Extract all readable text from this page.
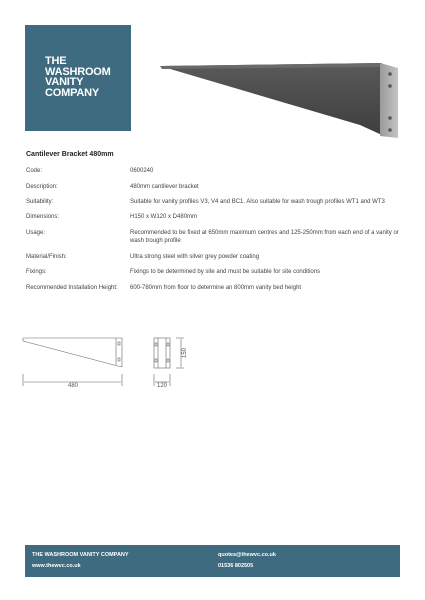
THE
WASHROOM
VANITY
COMPANY
Cantilever Bracket 480mm
Code:	0600240
Description:	480mm cantilever bracket
Suitability:	Suitable for vanity profiles V3, V4 and BC1. Also suitable for wash trough profiles WT1 and WT3
Dimensions:	H150 x W120 x D480mm
Usage:	Recommended to be fixed at 650mm maximum centres and 125-250mm from each end of a vanity or wash trough profile
Material/Finish:	Ultra strong steel with silver grey powder coating
Fixings:	Fixings to be determined by site and must be suitable for site conditions
Recommended Installation Height:	600-780mm from floor to determine an 800mm vanity bed height
480
150
120
THE WASHROOM VANITY COMPANY
www.thewvc.co.uk
quotes@thewvc.co.uk
01536 802505
